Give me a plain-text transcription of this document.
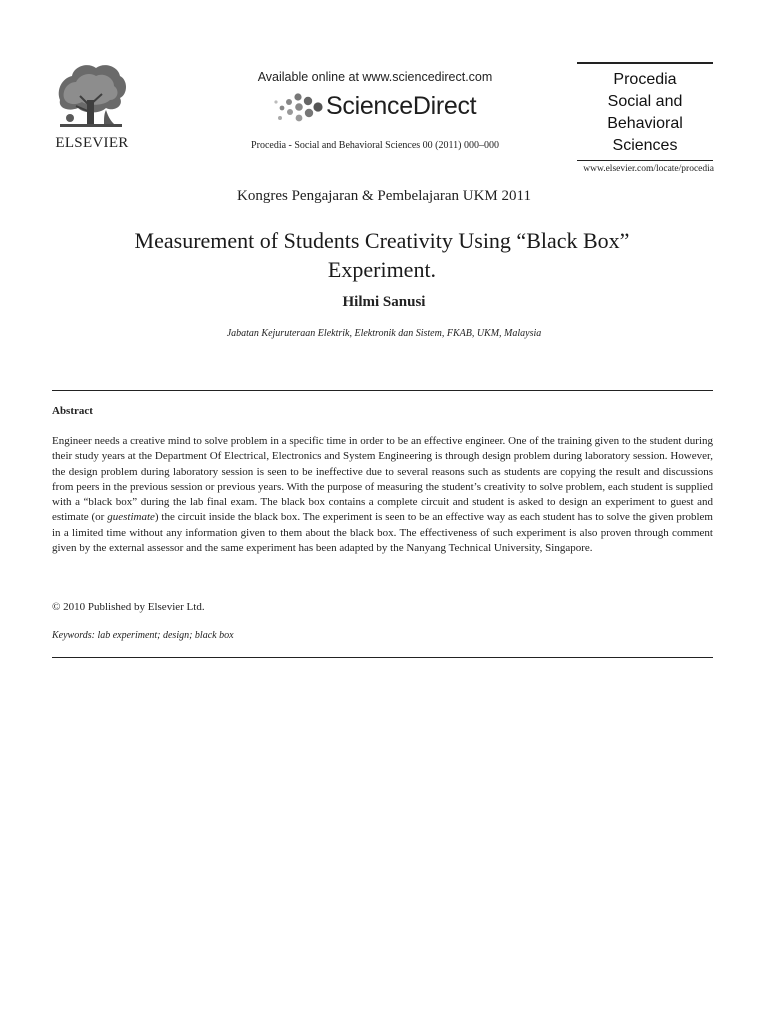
ELSEVIER
Available online at www.sciencedirect.com
ScienceDirect
Procedia - Social and Behavioral Sciences 00 (2011) 000–000
Procedia
Social and
Behavioral
Sciences
www.elsevier.com/locate/procedia
Kongres Pengajaran & Pembelajaran UKM 2011
Measurement of Students Creativity Using “Black Box” Experiment.
Hilmi Sanusi
Jabatan Kejuruteraan Elektrik, Elektronik dan Sistem, FKAB, UKM, Malaysia
Abstract
Engineer needs a creative mind to solve problem in a specific time in order to be an effective engineer. One of the training given to the student during their study years at the Department Of Electrical, Electronics and System Engineering is through design problem during laboratory session. However, the design problem during laboratory session is seen to be ineffective due to several reasons such as students are copying the result and discussions from peers in the previous session or previous years. With the purpose of measuring the student’s creativity to solve problem, each student is supplied with a “black box” during the lab final exam. The black box contains a complete circuit and student is asked to design an experiment to guest and estimate (or guestimate) the circuit inside the black box. The experiment is seen to be an effective way as each student has to solve the given problem in a limited time without any information given to them about the black box. The effectiveness of such experiment is also proven through comment given by the external assessor and the same experiment has been adapted by the Nanyang Technical University, Singapore.
© 2010 Published by Elsevier Ltd.
Keywords: lab experiment; design; black box
